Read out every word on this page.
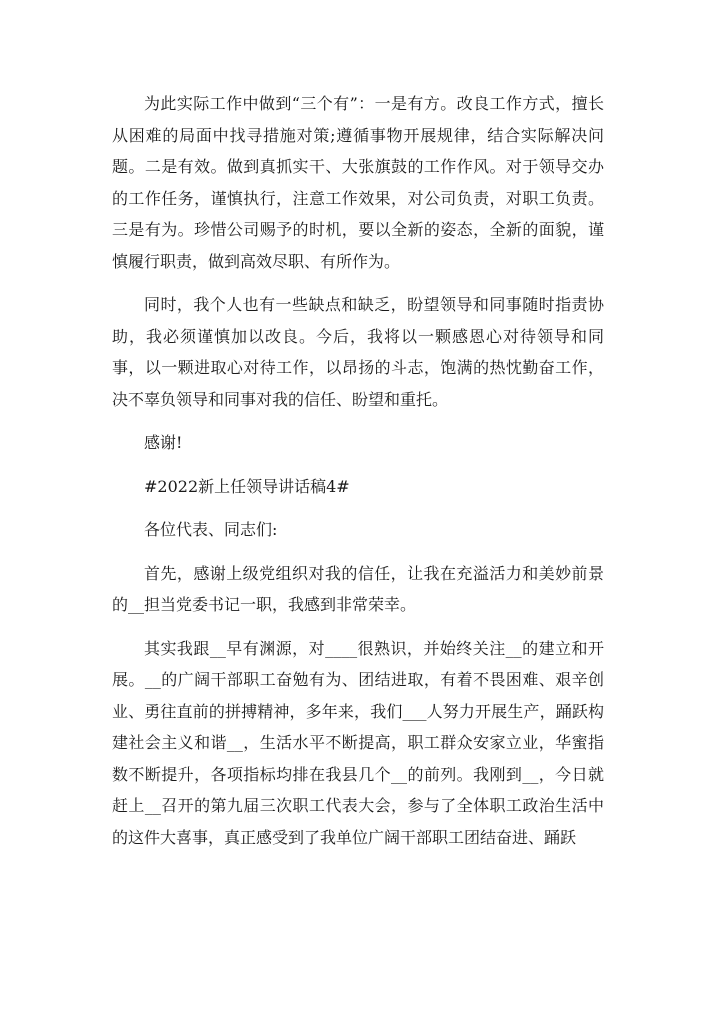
为此实际工作中做到“三个有”：一是有方。改良工作方式，擅长从困难的局面中找寻措施对策;遵循事物开展规律，结合实际解决问题。二是有效。做到真抓实干、大张旗鼓的工作作风。对于领导交办的工作任务，谨慎执行，注意工作效果，对公司负责，对职工负责。三是有为。珍惜公司赐予的时机，要以全新的姿态，全新的面貌，谨慎履行职责，做到高效尽职、有所作为。

同时，我个人也有一些缺点和缺乏，盼望领导和同事随时指责协助，我必须谨慎加以改良。今后，我将以一颗感恩心对待领导和同事，以一颗进取心对待工作，以昂扬的斗志，饱满的热忱勤奋工作，决不辜负领导和同事对我的信任、盼望和重托。

感谢!

#2022新上任领导讲话稿4#

各位代表、同志们:

首先，感谢上级党组织对我的信任，让我在充溢活力和美妙前景的__担当党委书记一职，我感到非常荣幸。

其实我跟__早有渊源，对____很熟识，并始终关注__的建立和开展。__的广阔干部职工奋勉有为、团结进取，有着不畏困难、艰辛创业、勇往直前的拼搏精神，多年来，我们___人努力开展生产，踊跃构建社会主义和谐__，生活水平不断提高，职工群众安家立业，华蜜指数不断提升，各项指标均排在我县几个__的前列。我刚到__，今日就赶上__召开的第九届三次职工代表大会，参与了全体职工政治生活中的这件大喜事，真正感受到了我单位广阔干部职工团结奋进、踊跃
